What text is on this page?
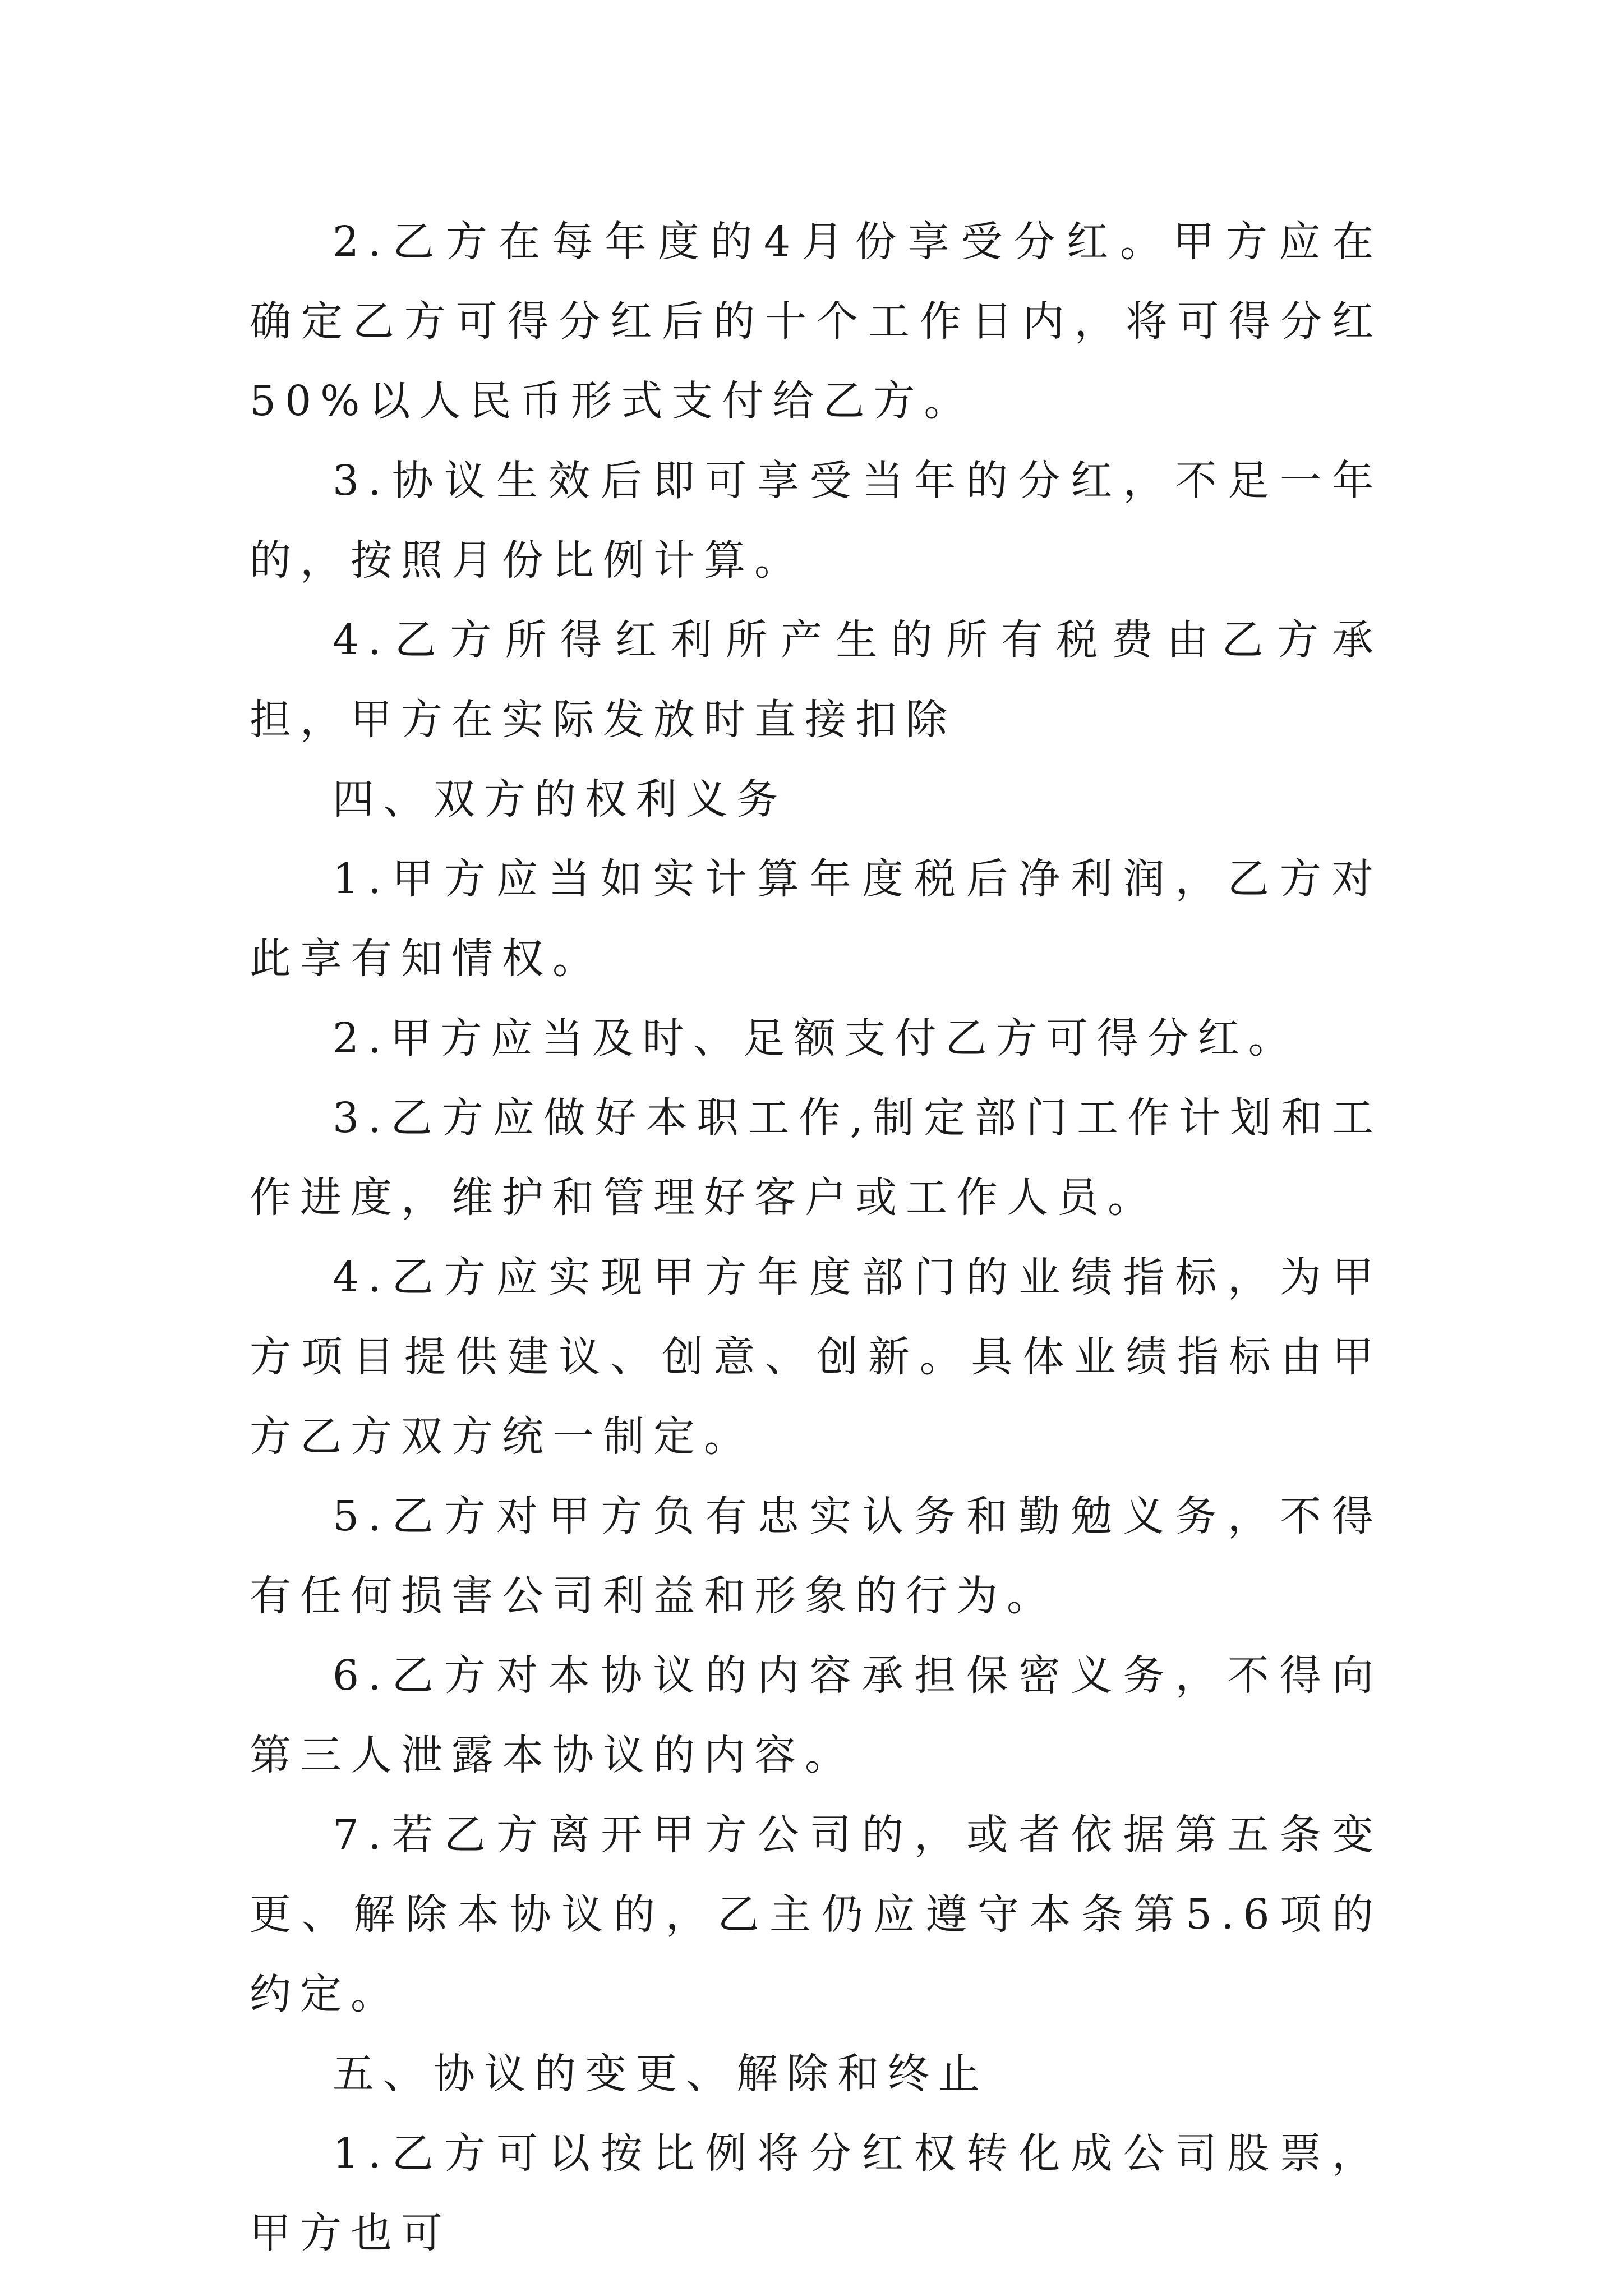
2.乙方在每年度的4月份享受分红。甲方应在确定乙方可得分红后的十个工作日内，将可得分红50%以人民币形式支付给乙方。

3.协议生效后即可享受当年的分红，不足一年的，按照月份比例计算。

4.乙方所得红利所产生的所有税费由乙方承担，甲方在实际发放时直接扣除

四、双方的权利义务

1.甲方应当如实计算年度税后净利润，乙方对此享有知情权。

2.甲方应当及时、足额支付乙方可得分红。

3.乙方应做好本职工作,制定部门工作计划和工作进度，维护和管理好客户或工作人员。

4.乙方应实现甲方年度部门的业绩指标，为甲方项目提供建议、创意、创新。具体业绩指标由甲方乙方双方统一制定。

5.乙方对甲方负有忠实认务和勤勉义务，不得有任何损害公司利益和形象的行为。

6.乙方对本协议的内容承担保密义务，不得向第三人泄露本协议的内容。

7.若乙方离开甲方公司的，或者依据第五条变更、解除本协议的，乙主仍应遵守本条第5.6项的约定。

五、协议的变更、解除和终止

1.乙方可以按比例将分红权转化成公司股票，甲方也可
